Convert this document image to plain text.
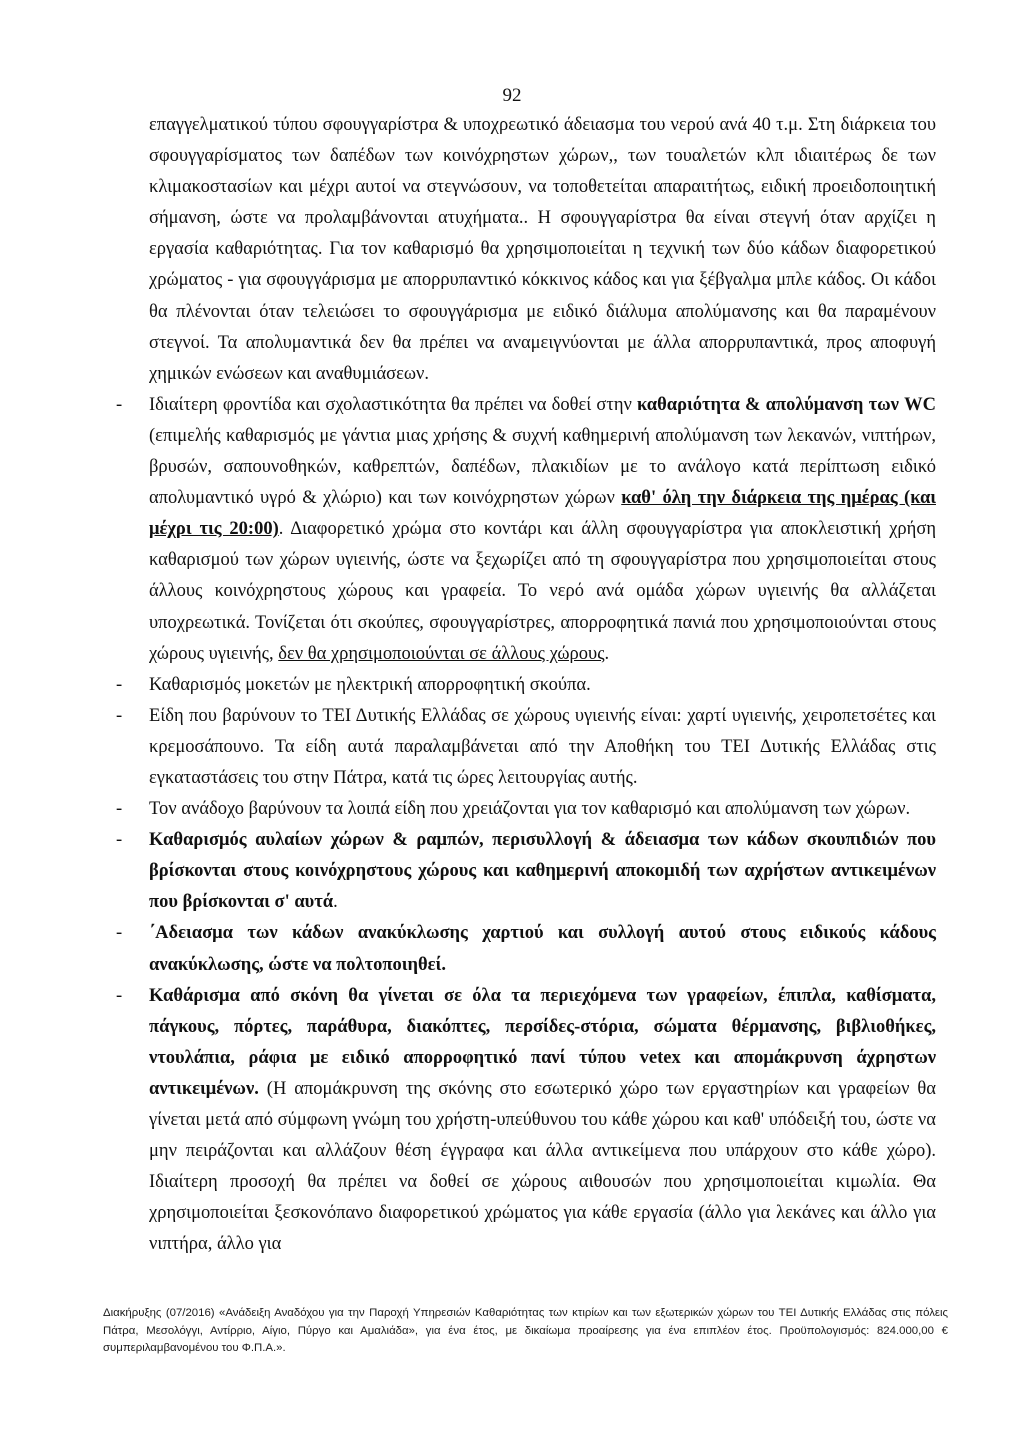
92

επαγγελματικού τύπου σφουγγαρίστρα & υποχρεωτικό άδειασμα του νερού ανά 40 τ.μ. Στη διάρκεια του σφουγγαρίσματος των δαπέδων των κοινόχρηστων χώρων,, των τουαλετών κλπ ιδιαιτέρως δε των κλιμακοστασίων και μέχρι αυτοί να στεγνώσουν, να τοποθετείται απαραιτήτως, ειδική προειδοποιητική σήμανση, ώστε να προλαμβάνονται ατυχήματα.. Η σφουγγαρίστρα θα είναι στεγνή όταν αρχίζει η εργασία καθαριότητας. Για τον καθαρισμό θα χρησιμοποιείται η τεχνική των δύο κάδων διαφορετικού χρώματος - για σφουγγάρισμα με απορρυπαντικό κόκκινος κάδος και για ξέβγαλμα μπλε κάδος. Οι κάδοι θα πλένονται όταν τελειώσει το σφουγγάρισμα με ειδικό διάλυμα απολύμανσης και θα παραμένουν στεγνοί. Τα απολυμαντικά δεν θα πρέπει να αναμειγνύονται με άλλα απορρυπαντικά, προς αποφυγή χημικών ενώσεων και αναθυμιάσεων.

-	Ιδιαίτερη φροντίδα και σχολαστικότητα θα πρέπει να δοθεί στην καθαριότητα & απολύμανση των WC (επιμελής καθαρισμός με γάντια μιας χρήσης & συχνή καθημερινή απολύμανση των λεκανών, νιπτήρων, βρυσών, σαπουνοθηκών, καθρεπτών, δαπέδων, πλακιδίων με το ανάλογο κατά περίπτωση ειδικό απολυμαντικό υγρό & χλώριο) και των κοινόχρηστων χώρων καθ' όλη την διάρκεια της ημέρας (και μέχρι τις 20:00). Διαφορετικό χρώμα στο κοντάρι και άλλη σφουγγαρίστρα για αποκλειστική χρήση καθαρισμού των χώρων υγιεινής, ώστε να ξεχωρίζει από τη σφουγγαρίστρα που χρησιμοποιείται στους άλλους κοινόχρηστους χώρους και γραφεία. Το νερό ανά ομάδα χώρων υγιεινής θα αλλάζεται υποχρεωτικά. Τονίζεται ότι σκούπες, σφουγγαρίστρες, απορροφητικά πανιά που χρησιμοποιούνται στους χώρους υγιεινής, δεν θα χρησιμοποιούνται σε άλλους χώρους.

-	Καθαρισμός μοκετών με ηλεκτρική απορροφητική σκούπα.

-	Είδη που βαρύνουν το ΤΕΙ Δυτικής Ελλάδας σε χώρους υγιεινής είναι: χαρτί υγιεινής, χειροπετσέτες και κρεμοσάπουνο. Τα είδη αυτά παραλαμβάνεται από την Αποθήκη του ΤΕΙ Δυτικής Ελλάδας στις εγκαταστάσεις του στην Πάτρα, κατά τις ώρες λειτουργίας αυτής.

-	Τον ανάδοχο βαρύνουν τα λοιπά είδη που χρειάζονται για τον καθαρισμό και απολύμανση των χώρων.

-	Καθαρισμός αυλαίων χώρων & ραμπών, περισυλλογή & άδειασμα των κάδων σκουπιδιών που βρίσκονται στους κοινόχρηστους χώρους και καθημερινή αποκομιδή των αχρήστων αντικειμένων που βρίσκονται σ' αυτά.

-	΄Αδειασμα των κάδων ανακύκλωσης χαρτιού και συλλογή αυτού στους ειδικούς κάδους ανακύκλωσης, ώστε να πολτοποιηθεί.

-	Καθάρισμα από σκόνη θα γίνεται σε όλα τα περιεχόμενα των γραφείων, έπιπλα, καθίσματα, πάγκους, πόρτες, παράθυρα, διακόπτες, περσίδες-στόρια, σώματα θέρμανσης, βιβλιοθήκες, ντουλάπια, ράφια με ειδικό απορροφητικό πανί τύπου vetex και απομάκρυνση άχρηστων αντικειμένων. (Η απομάκρυνση της σκόνης στο εσωτερικό χώρο των εργαστηρίων και γραφείων θα γίνεται μετά από σύμφωνη γνώμη του χρήστη-υπεύθυνου του κάθε χώρου και καθ' υπόδειξή του, ώστε να μην πειράζονται και αλλάζουν θέση έγγραφα και άλλα αντικείμενα που υπάρχουν στο κάθε χώρο). Ιδιαίτερη προσοχή θα πρέπει να δοθεί σε χώρους αιθουσών που χρησιμοποιείται κιμωλία. Θα χρησιμοποιείται ξεσκονόπανο διαφορετικού χρώματος για κάθε εργασία (άλλο για λεκάνες και άλλο για νιπτήρα, άλλο για

Διακήρυξης (07/2016) «Ανάδειξη Αναδόχου για την Παροχή Υπηρεσιών Καθαριότητας των κτιρίων και των εξωτερικών χώρων του ΤΕΙ Δυτικής Ελλάδας στις πόλεις Πάτρα, Μεσολόγγι, Αντίρριο, Αίγιο, Πύργο και Αμαλιάδα», για ένα έτος, με δικαίωμα προαίρεσης για ένα επιπλέον έτος. Προϋπολογισμός: 824.000,00 € συμπεριλαμβανομένου του Φ.Π.Α.».
